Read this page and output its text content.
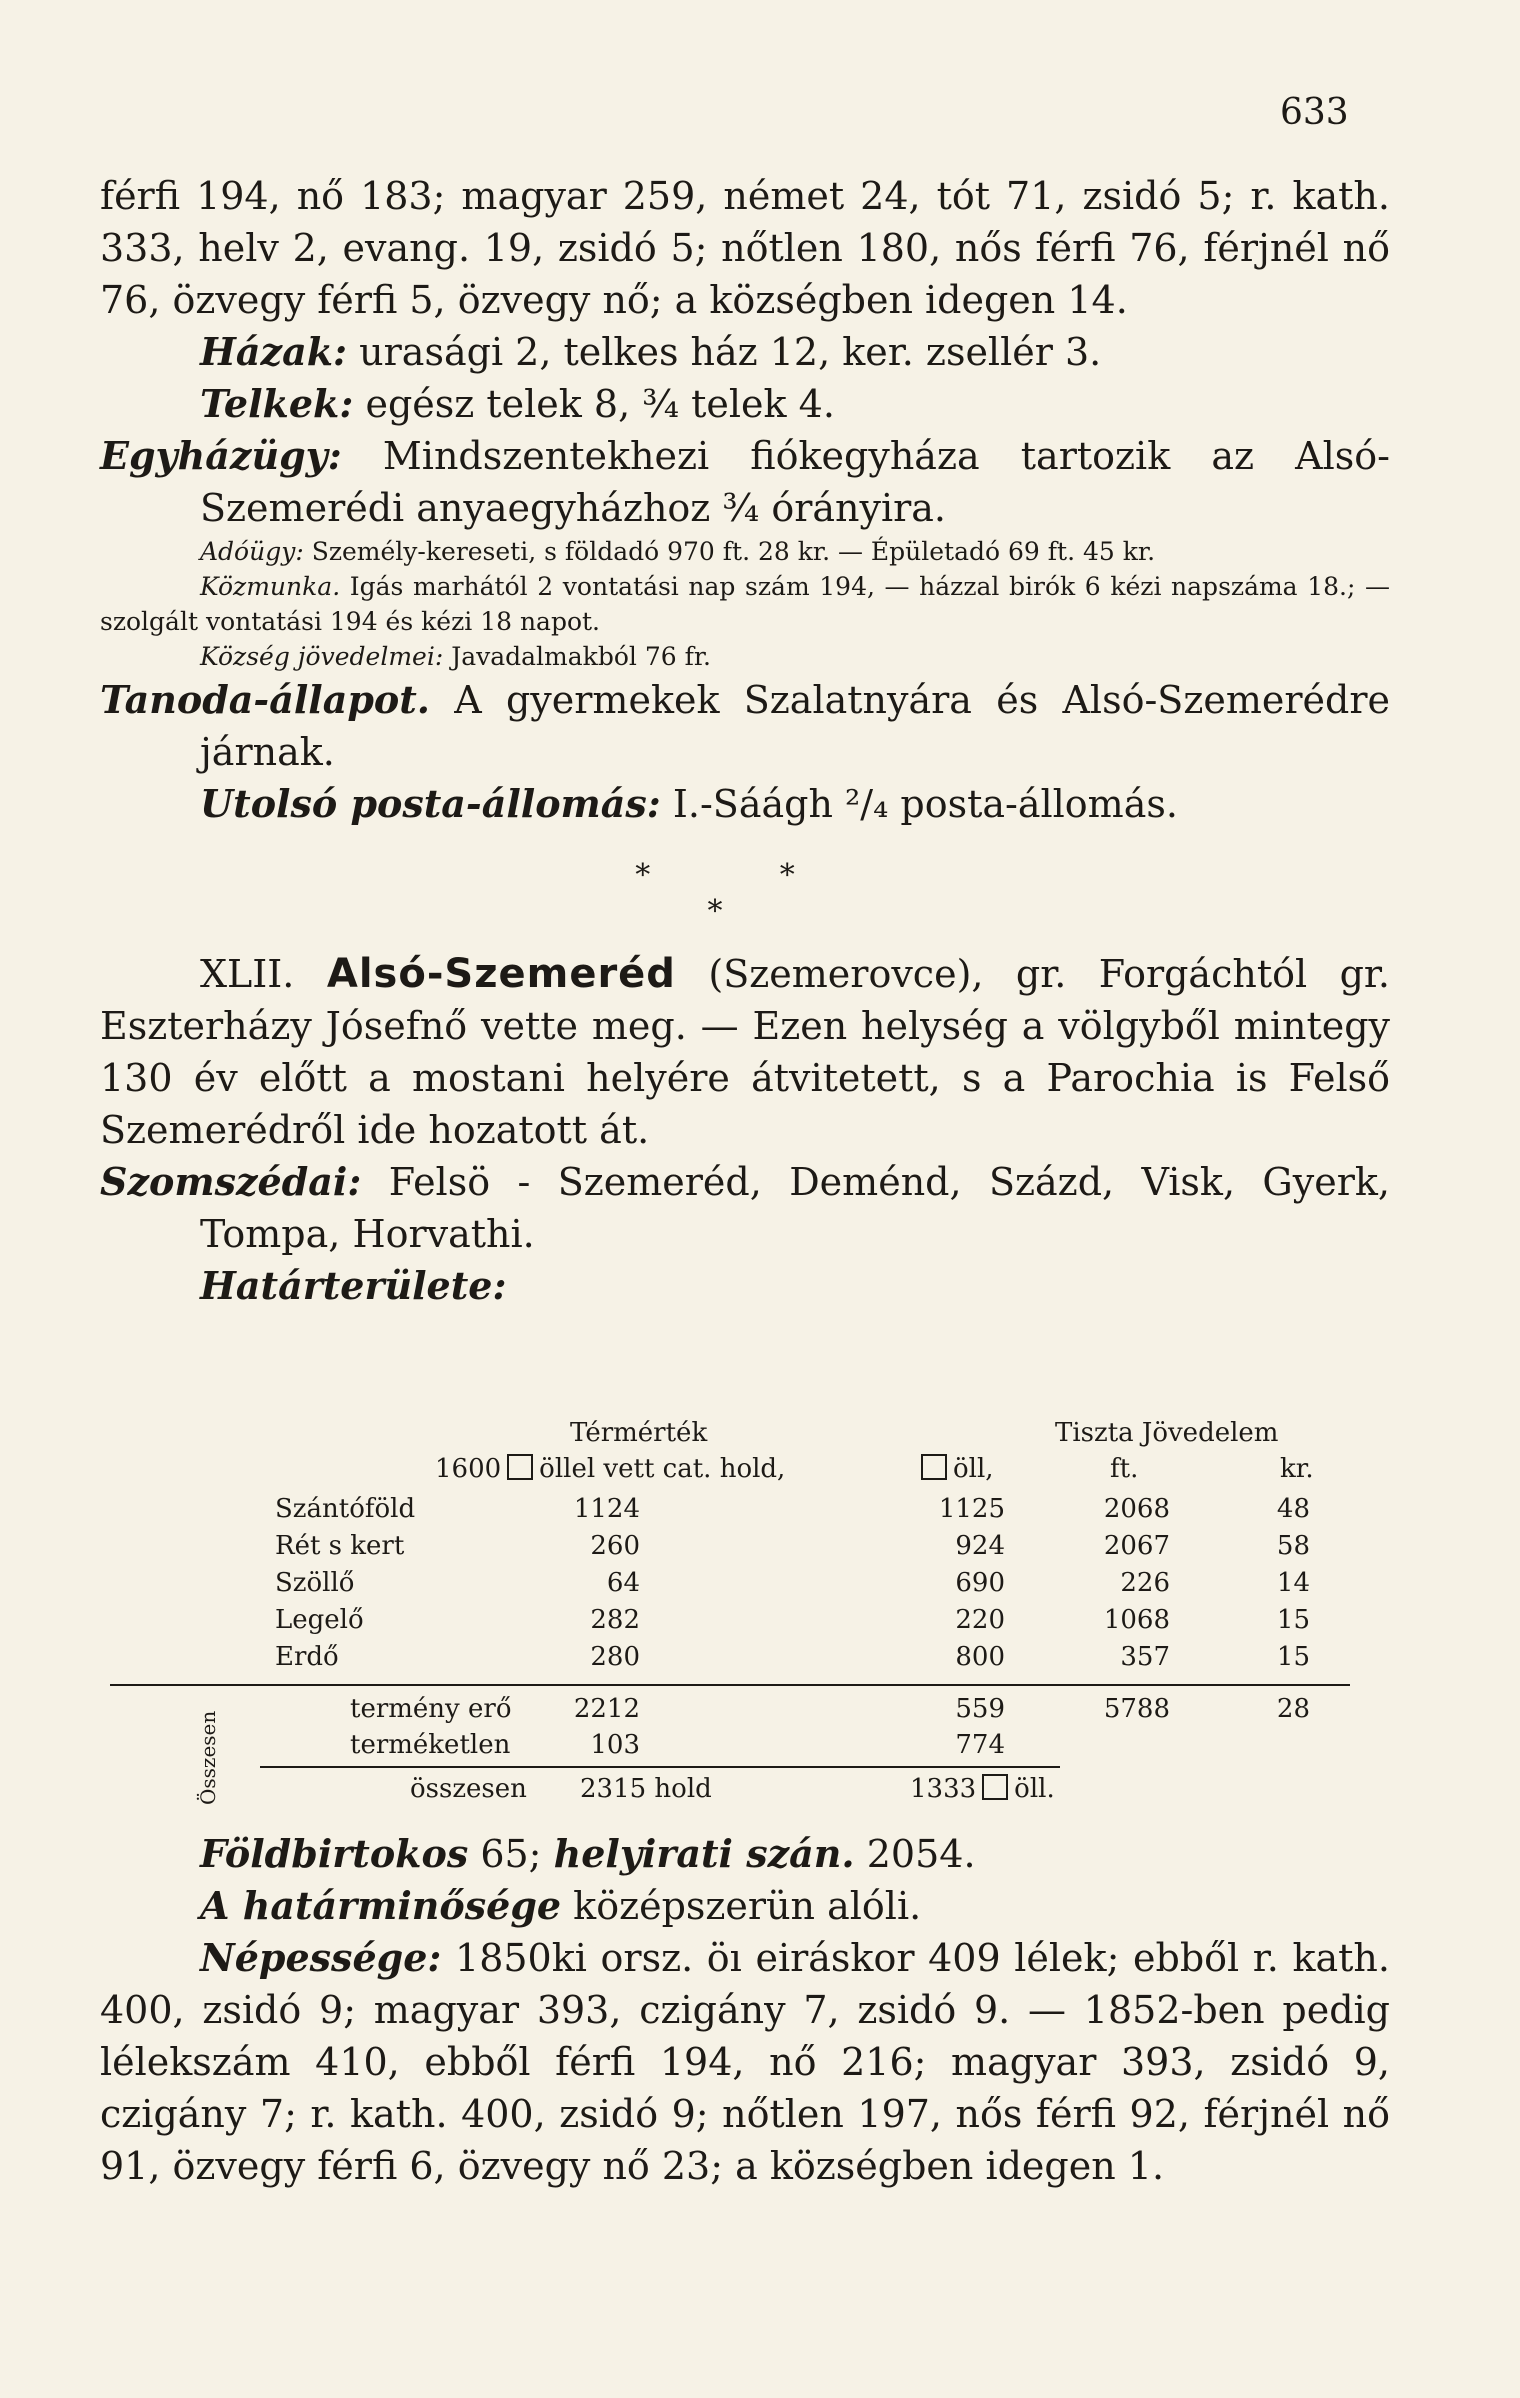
633

férfi 194, nő 183; magyar 259, német 24, tót 71, zsidó 5; r. kath. 333, helv 2, evang. 19, zsidó 5; nőtlen 180, nős férfi 76, férjnél nő 76, özvegy férfi 5, özvegy nő; a községben idegen 14.

Házak: urasági 2, telkes ház 12, ker. zsellér 3.

Telkek: egész telek 8, ¾ telek 4.

Egyházügy: Mindszentekhezi fiókegyháza tartozik az Alsó-Szemerédi anyaegyházhoz ¾ órányira.

Adóügy: Személy-kereseti, s földadó 970 ft. 28 kr. — Épületadó 69 ft. 45 kr.

Közmunka. Igás marhától 2 vontatási nap szám 194, — házzal birók 6 kézi napszáma 18.; — szolgált vontatási 194 és kézi 18 napot.

Község jövedelmei: Javadalmakból 76 fr.

Tanoda-állapot. A gyermekek Szalatnyára és Alsó-Szemerédre járnak.

Utolsó posta-állomás: I.-Sáágh ²/₄ posta-állomás.

* *
*

XLII. Alsó-Szemeréd (Szemerovce), gr. Forgáchtól gr. Eszterházy Jósefnő vette meg. — Ezen helység a völgyből mintegy 130 év előtt a mostani helyére átvitetett, s a Parochia is Felső Szemerédről ide hozatott át.

Szomszédai: Felsö - Szemeréd, Deménd, Százd, Visk, Gyerk, Tompa, Horvathi.

Határterülete:

Térmérték	Tiszta Jövedelem
1600 öllel vett cat. hold,	öll,	ft.	kr.
Szántóföld	1124	1125	2068	48
Rét s kert	260	924	2067	58
Szöllő	64	690	226	14
Legelő	282	220	1068	15
Erdő	280	800	357	15
Összesen
termény erő 2212	559	5788	28
terméketlen	103	774
összesen 2315 hold	1333 öll.

Földbirtokos 65; helyirati szán. 2054.

A határminősége középszerün alóli.

Népessége: 1850ki orsz. öı eiráskor 409 lélek; ebből r. kath. 400, zsidó 9; magyar 393, czigány 7, zsidó 9. — 1852-ben pedig lélekszám 410, ebből férfi 194, nő 216; magyar 393, zsidó 9, czigány 7; r. kath. 400, zsidó 9; nőtlen 197, nős férfi 92, férjnél nő 91, özvegy férfi 6, özvegy nő 23; a községben idegen 1.
